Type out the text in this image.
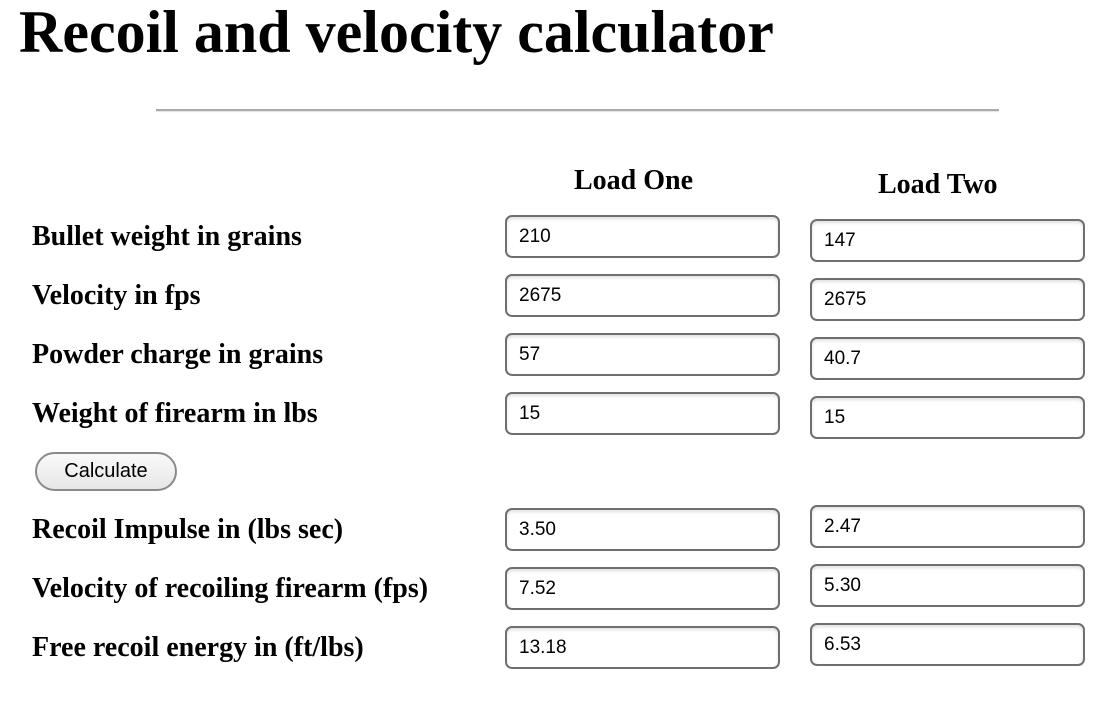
Recoil and velocity calculator
Load One	Load Two
Bullet weight in grains
210
147
Velocity in fps
2675
2675
Powder charge in grains
57
40.7
Weight of firearm in lbs
15
15
Calculate
Recoil Impulse in (lbs sec)
3.50
2.47
Velocity of recoiling firearm (fps)
7.52
5.30
Free recoil energy in (ft/lbs)
13.18
6.53
